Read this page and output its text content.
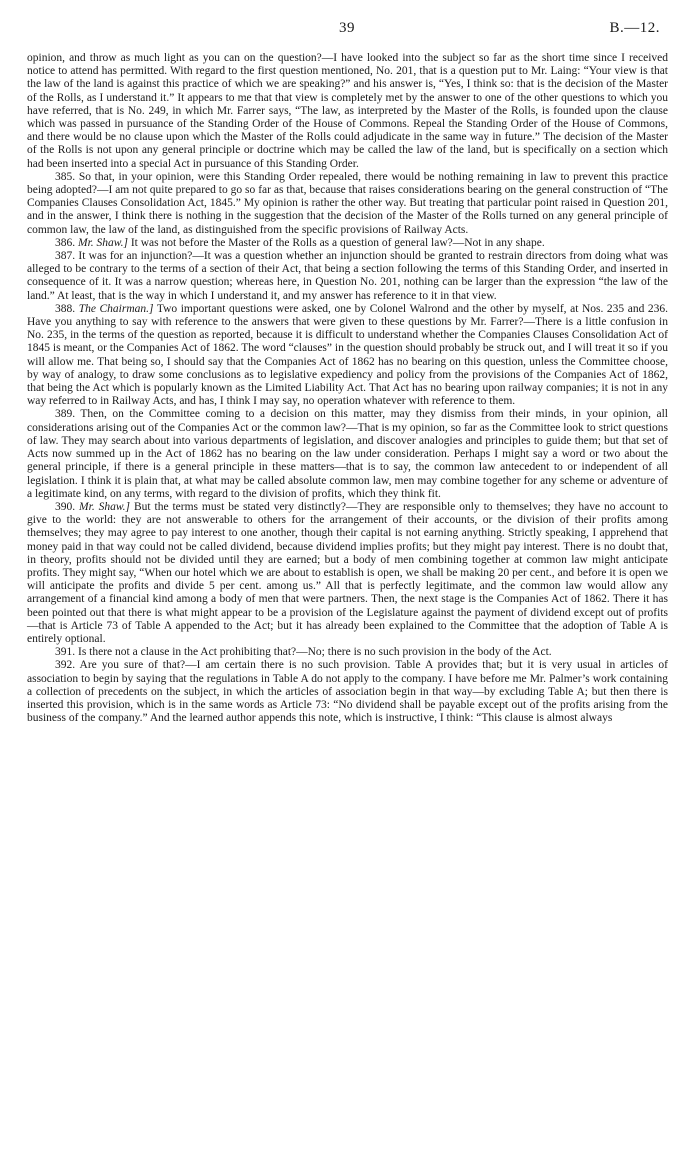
39	B.—12.

opinion, and throw as much light as you can on the question?—I have looked into the subject so far as the short time since I received notice to attend has permitted. With regard to the first question mentioned, No. 201, that is a question put to Mr. Laing: “Your view is that the law of the land is against this practice of which we are speaking?” and his answer is, “Yes, I think so: that is the decision of the Master of the Rolls, as I understand it.” It appears to me that that view is completely met by the answer to one of the other questions to which you have referred, that is No. 249, in which Mr. Farrer says, “The law, as interpreted by the Master of the Rolls, is founded upon the clause which was passed in pursuance of the Standing Order of the House of Commons. Repeal the Standing Order of the House of Commons, and there would be no clause upon which the Master of the Rolls could adjudicate in the same way in future.” The decision of the Master of the Rolls is not upon any general principle or doctrine which may be called the law of the land, but is specifically on a section which had been inserted into a special Act in pursuance of this Standing Order.

385. So that, in your opinion, were this Standing Order repealed, there would be nothing remaining in law to prevent this practice being adopted?—I am not quite prepared to go so far as that, because that raises considerations bearing on the general construction of “The Companies Clauses Consolidation Act, 1845.” My opinion is rather the other way. But treating that particular point raised in Question 201, and in the answer, I think there is nothing in the suggestion that the decision of the Master of the Rolls turned on any general principle of common law, the law of the land, as distinguished from the specific provisions of Railway Acts.

386. Mr. Shaw.] It was not before the Master of the Rolls as a question of general law?—Not in any shape.

387. It was for an injunction?—It was a question whether an injunction should be granted to restrain directors from doing what was alleged to be contrary to the terms of a section of their Act, that being a section following the terms of this Standing Order, and inserted in consequence of it. It was a narrow question; whereas here, in Question No. 201, nothing can be larger than the expression “the law of the land.” At least, that is the way in which I understand it, and my answer has reference to it in that view.

388. The Chairman.] Two important questions were asked, one by Colonel Walrond and the other by myself, at Nos. 235 and 236. Have you anything to say with reference to the answers that were given to these questions by Mr. Farrer?—There is a little confusion in No. 235, in the terms of the question as reported, because it is difficult to understand whether the Companies Clauses Consolidation Act of 1845 is meant, or the Companies Act of 1862. The word “clauses” in the question should probably be struck out, and I will treat it so if you will allow me. That being so, I should say that the Companies Act of 1862 has no bearing on this question, unless the Committee choose, by way of analogy, to draw some conclusions as to legislative expediency and policy from the provisions of the Companies Act of 1862, that being the Act which is popularly known as the Limited Liability Act. That Act has no bearing upon railway companies; it is not in any way referred to in Railway Acts, and has, I think I may say, no operation whatever with reference to them.

389. Then, on the Committee coming to a decision on this matter, may they dismiss from their minds, in your opinion, all considerations arising out of the Companies Act or the common law?—That is my opinion, so far as the Committee look to strict questions of law. They may search about into various departments of legislation, and discover analogies and principles to guide them; but that set of Acts now summed up in the Act of 1862 has no bearing on the law under consideration. Perhaps I might say a word or two about the general principle, if there is a general principle in these matters—that is to say, the common law antecedent to or independent of all legislation. I think it is plain that, at what may be called absolute common law, men may combine together for any scheme or adventure of a legitimate kind, on any terms, with regard to the division of profits, which they think fit.

390. Mr. Shaw.] But the terms must be stated very distinctly?—They are responsible only to themselves; they have no account to give to the world: they are not answerable to others for the arrangement of their accounts, or the division of their profits among themselves; they may agree to pay interest to one another, though their capital is not earning anything. Strictly speaking, I apprehend that money paid in that way could not be called dividend, because dividend implies profits; but they might pay interest. There is no doubt that, in theory, profits should not be divided until they are earned; but a body of men combining together at common law might anticipate profits. They might say, “When our hotel which we are about to establish is open, we shall be making 20 per cent., and before it is open we will anticipate the profits and divide 5 per cent. among us.” All that is perfectly legitimate, and the common law would allow any arrangement of a financial kind among a body of men that were partners. Then, the next stage is the Companies Act of 1862. There it has been pointed out that there is what might appear to be a provision of the Legislature against the payment of dividend except out of profits—that is Article 73 of Table A appended to the Act; but it has already been explained to the Committee that the adoption of Table A is entirely optional.

391. Is there not a clause in the Act prohibiting that?—No; there is no such provision in the body of the Act.

392. Are you sure of that?—I am certain there is no such provision. Table A provides that; but it is very usual in articles of association to begin by saying that the regulations in Table A do not apply to the company. I have before me Mr. Palmer’s work containing a collection of precedents on the subject, in which the articles of association begin in that way—by excluding Table A; but then there is inserted this provision, which is in the same words as Article 73: “No dividend shall be payable except out of the profits arising from the business of the company.” And the learned author appends this note, which is instructive, I think: “This clause is almost always
